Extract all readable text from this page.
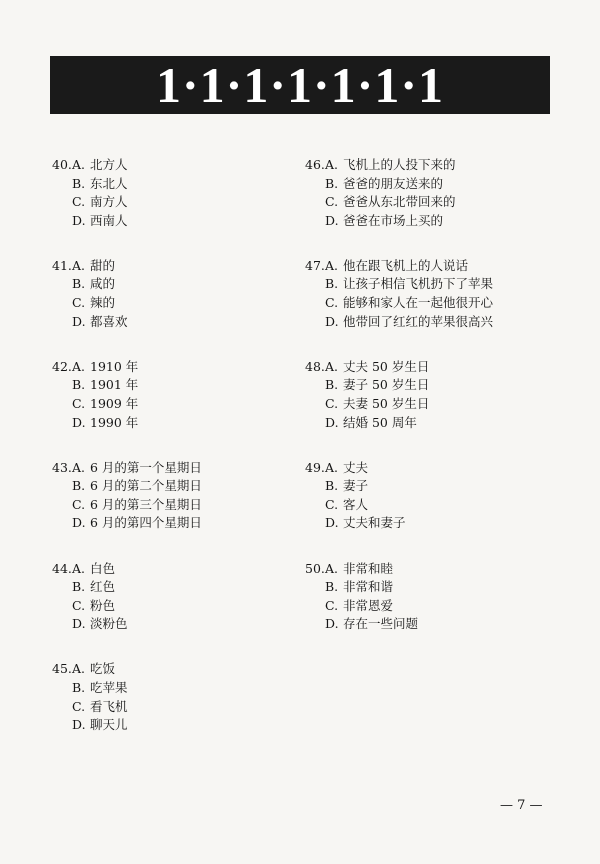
1·1·1·1·1·1·1
40. A. 北方人
B. 东北人
C. 南方人
D. 西南人
41. A. 甜的
B. 咸的
C. 辣的
D. 都喜欢
42. A. 1910 年
B. 1901 年
C. 1909 年
D. 1990 年
43. A. 6 月的第一个星期日
B. 6 月的第二个星期日
C. 6 月的第三个星期日
D. 6 月的第四个星期日
44. A. 白色
B. 红色
C. 粉色
D. 淡粉色
45. A. 吃饭
B. 吃苹果
C. 看飞机
D. 聊天儿
46. A. 飞机上的人投下来的
B. 爸爸的朋友送来的
C. 爸爸从东北带回来的
D. 爸爸在市场上买的
47. A. 他在跟飞机上的人说话
B. 让孩子相信飞机扔下了苹果
C. 能够和家人在一起他很开心
D. 他带回了红红的苹果很高兴
48. A. 丈夫 50 岁生日
B. 妻子 50 岁生日
C. 夫妻 50 岁生日
D. 结婚 50 周年
49. A. 丈夫
B. 妻子
C. 客人
D. 丈夫和妻子
50. A. 非常和睦
B. 非常和谐
C. 非常恩爱
D. 存在一些问题
— 7 —
